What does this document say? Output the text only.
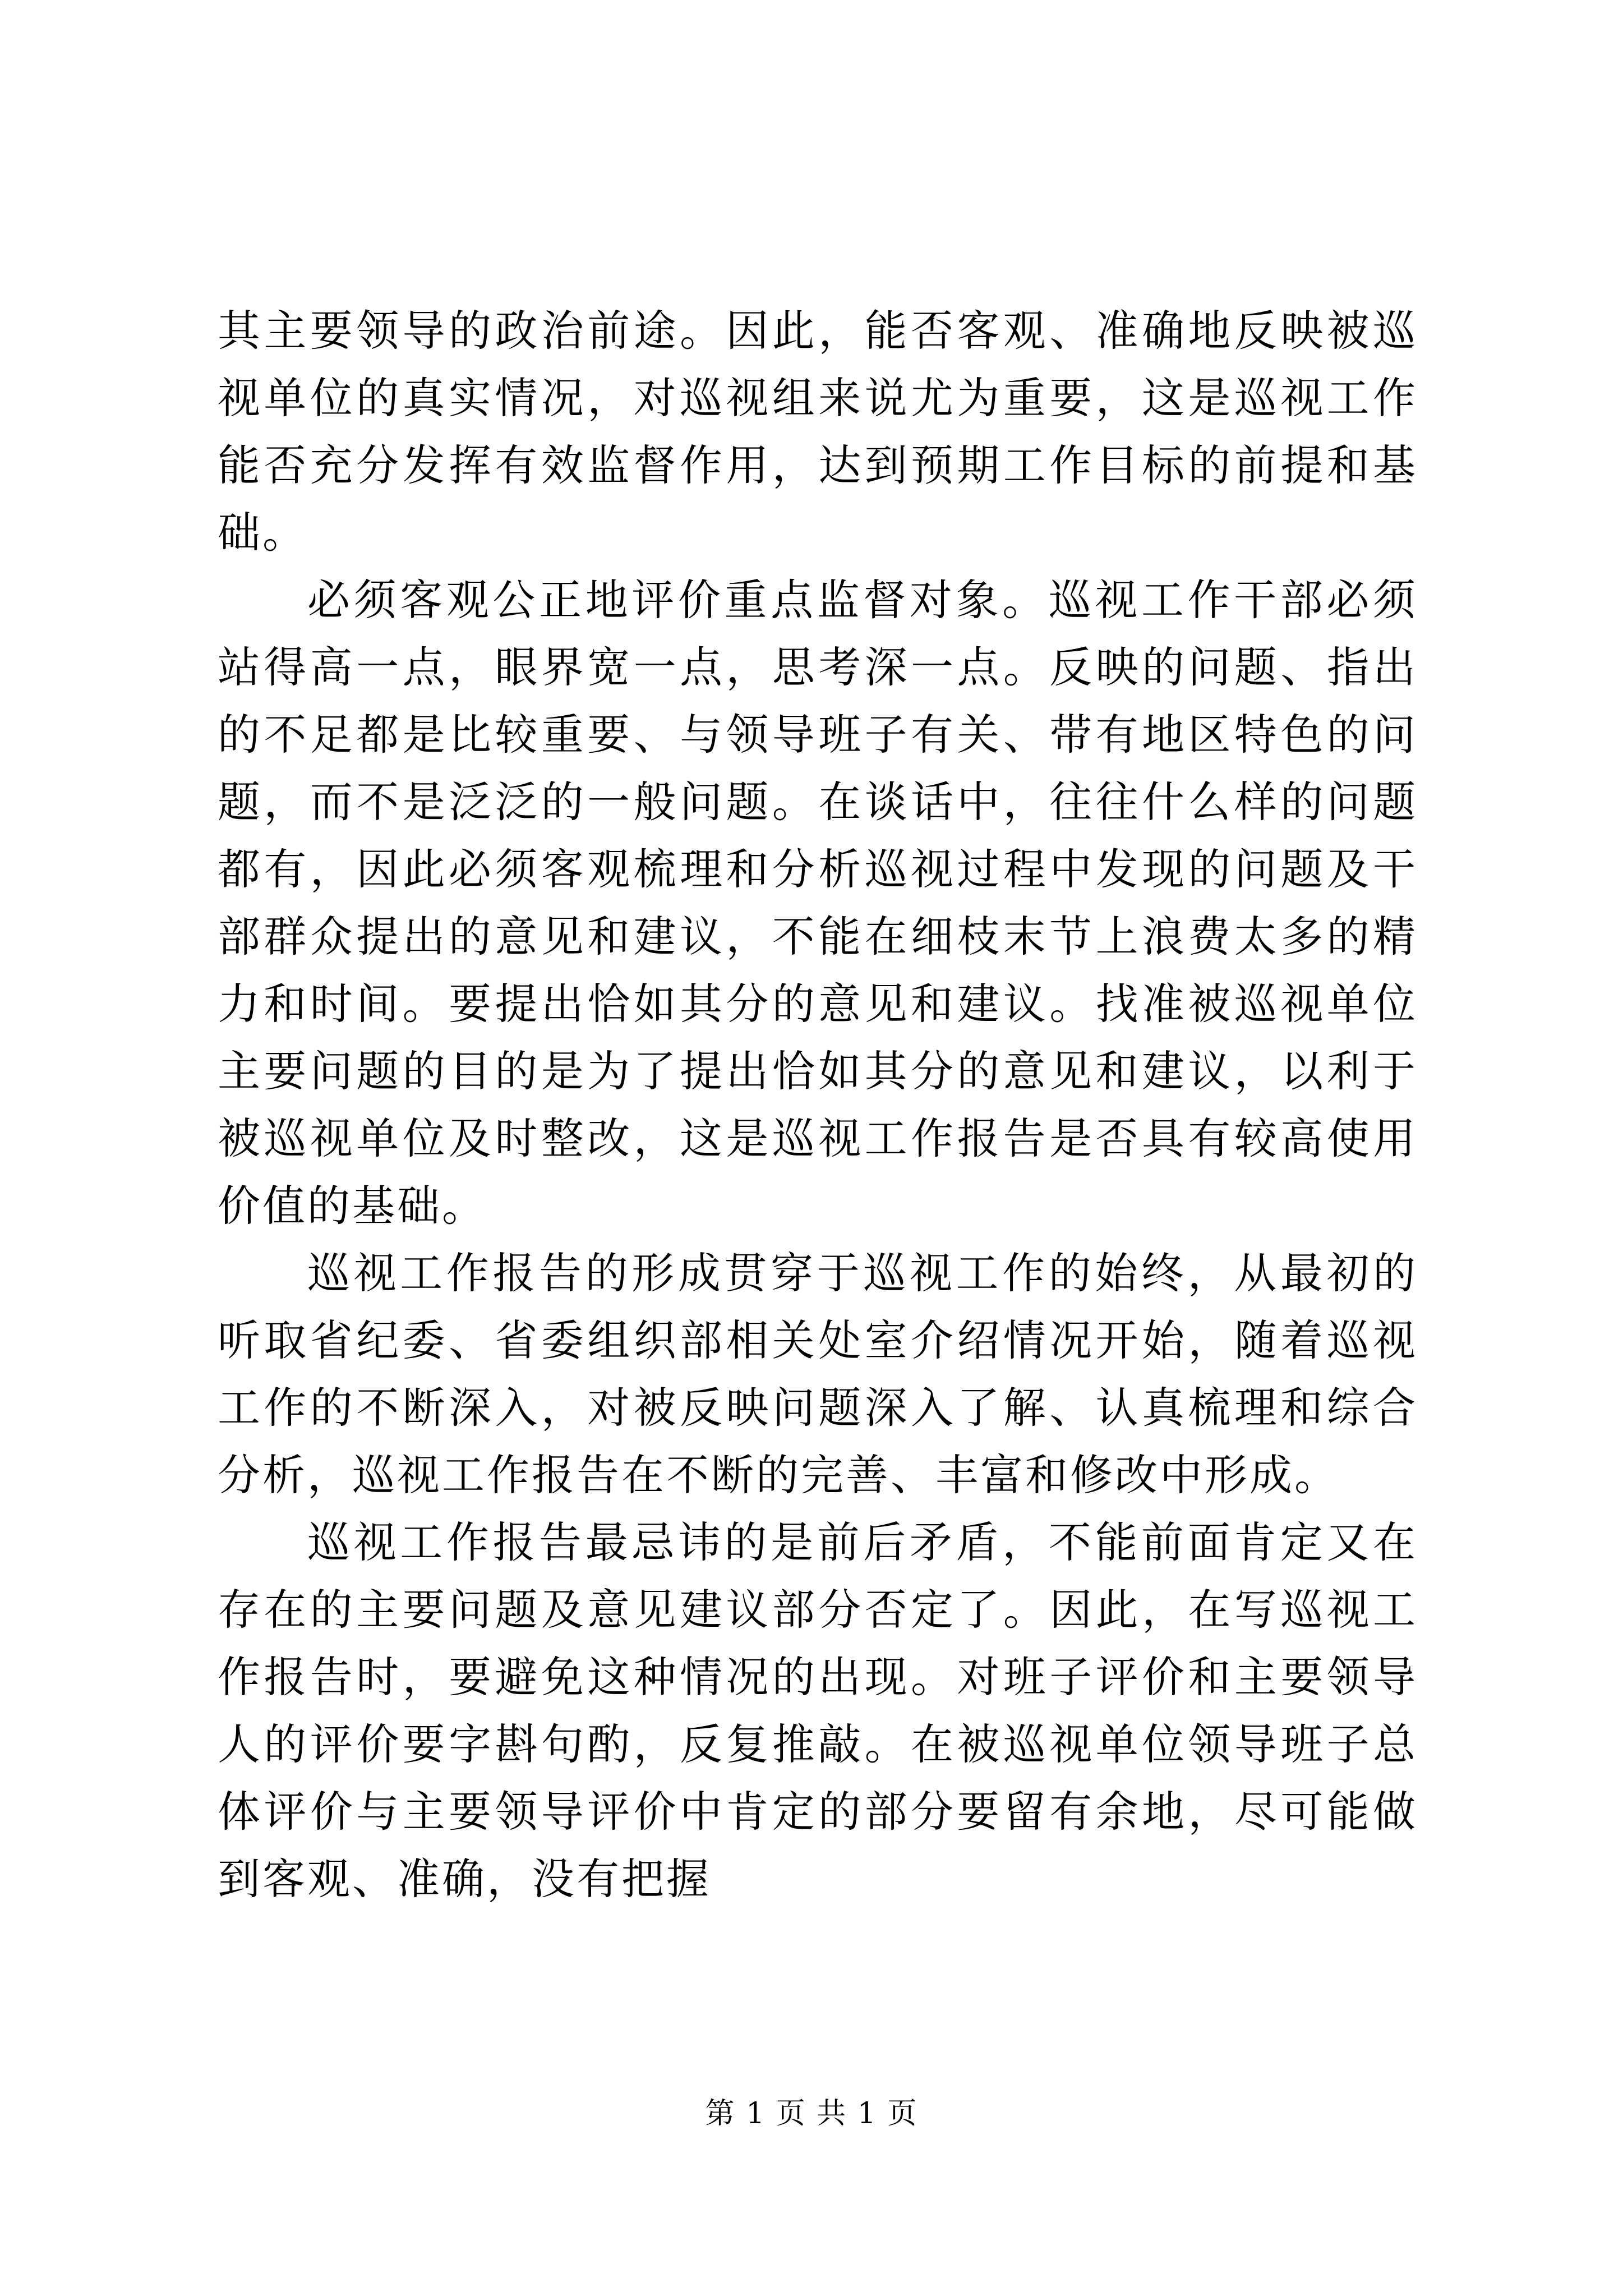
其主要领导的政治前途。因此，能否客观、准确地反映被巡视单位的真实情况，对巡视组来说尤为重要，这是巡视工作能否充分发挥有效监督作用，达到预期工作目标的前提和基础。

必须客观公正地评价重点监督对象。巡视工作干部必须站得高一点，眼界宽一点，思考深一点。反映的问题、指出的不足都是比较重要、与领导班子有关、带有地区特色的问题，而不是泛泛的一般问题。在谈话中，往往什么样的问题都有，因此必须客观梳理和分析巡视过程中发现的问题及干部群众提出的意见和建议，不能在细枝末节上浪费太多的精力和时间。要提出恰如其分的意见和建议。找准被巡视单位主要问题的目的是为了提出恰如其分的意见和建议，以利于被巡视单位及时整改，这是巡视工作报告是否具有较高使用价值的基础。

巡视工作报告的形成贯穿于巡视工作的始终，从最初的听取省纪委、省委组织部相关处室介绍情况开始，随着巡视工作的不断深入，对被反映问题深入了解、认真梳理和综合分析，巡视工作报告在不断的完善、丰富和修改中形成。

巡视工作报告最忌讳的是前后矛盾，不能前面肯定又在存在的主要问题及意见建议部分否定了。因此，在写巡视工作报告时，要避免这种情况的出现。对班子评价和主要领导人的评价要字斟句酌，反复推敲。在被巡视单位领导班子总体评价与主要领导评价中肯定的部分要留有余地，尽可能做到客观、准确，没有把握

第 1 页 共 1 页
